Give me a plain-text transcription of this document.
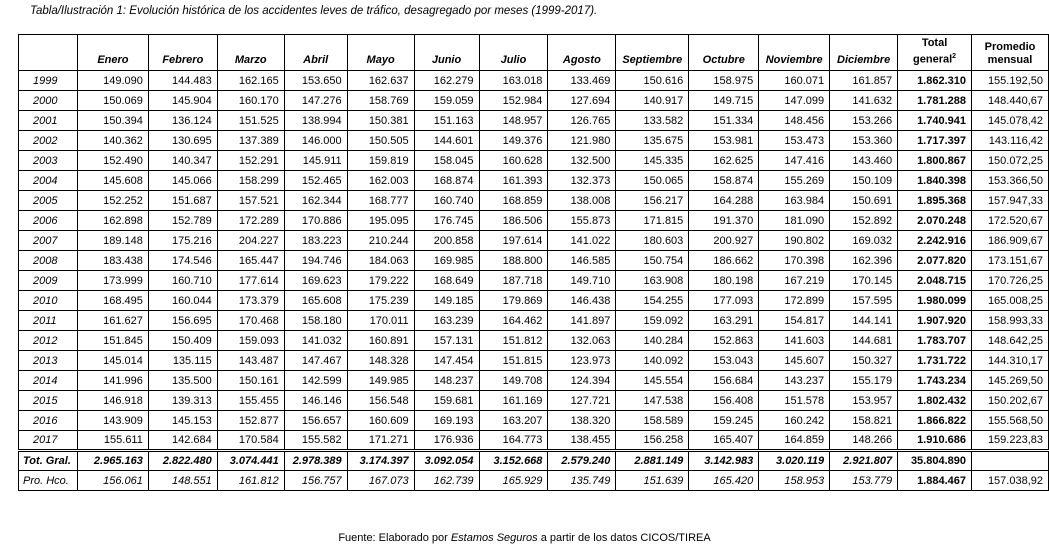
Tabla/Ilustración 1: Evolución histórica de los accidentes leves de tráfico, desagregado por meses (1999-2017).
	Enero	Febrero	Marzo	Abril	Mayo	Junio	Julio	Agosto	Septiembre	Octubre	Noviembre	Diciembre	Total general$^2$	Promedio mensual
1999	149.090	144.483	162.165	153.650	162.637	162.279	163.018	133.469	150.616	158.975	160.071	161.857	1.862.310	155.192,50
2000	150.069	145.904	160.170	147.276	158.769	159.059	152.984	127.694	140.917	149.715	147.099	141.632	1.781.288	148.440,67
2001	150.394	136.124	151.525	138.994	150.381	151.163	148.957	126.765	133.582	151.334	148.456	153.266	1.740.941	145.078,42
2002	140.362	130.695	137.389	146.000	150.505	144.601	149.376	121.980	135.675	153.981	153.473	153.360	1.717.397	143.116,42
2003	152.490	140.347	152.291	145.911	159.819	158.045	160.628	132.500	145.335	162.625	147.416	143.460	1.800.867	150.072,25
2004	145.608	145.066	158.299	152.465	162.003	168.874	161.393	132.373	150.065	158.874	155.269	150.109	1.840.398	153.366,50
2005	152.252	151.687	157.521	162.344	168.777	160.740	168.859	138.008	156.217	164.288	163.984	150.691	1.895.368	157.947,33
2006	162.898	152.789	172.289	170.886	195.095	176.745	186.506	155.873	171.815	191.370	181.090	152.892	2.070.248	172.520,67
2007	189.148	175.216	204.227	183.223	210.244	200.858	197.614	141.022	180.603	200.927	190.802	169.032	2.242.916	186.909,67
2008	183.438	174.546	165.447	194.746	184.063	169.985	188.800	146.585	150.754	186.662	170.398	162.396	2.077.820	173.151,67
2009	173.999	160.710	177.614	169.623	179.222	168.649	187.718	149.710	163.908	180.198	167.219	170.145	2.048.715	170.726,25
2010	168.495	160.044	173.379	165.608	175.239	149.185	179.869	146.438	154.255	177.093	172.899	157.595	1.980.099	165.008,25
2011	161.627	156.695	170.468	158.180	170.011	163.239	164.462	141.897	159.092	163.291	154.817	144.141	1.907.920	158.993,33
2012	151.845	150.409	159.093	141.032	160.891	157.131	151.812	132.063	140.284	152.863	141.603	144.681	1.783.707	148.642,25
2013	145.014	135.115	143.487	147.467	148.328	147.454	151.815	123.973	140.092	153.043	145.607	150.327	1.731.722	144.310,17
2014	141.996	135.500	150.161	142.599	149.985	148.237	149.708	124.394	145.554	156.684	143.237	155.179	1.743.234	145.269,50
2015	146.918	139.313	155.455	146.146	156.548	159.681	161.169	127.721	147.538	156.408	151.578	153.957	1.802.432	150.202,67
2016	143.909	145.153	152.877	156.657	160.609	169.193	163.207	138.320	158.589	159.245	160.242	158.821	1.866.822	155.568,50
2017	155.611	142.684	170.584	155.582	171.271	176.936	164.773	138.455	156.258	165.407	164.859	148.266	1.910.686	159.223,83
Tot. Gral.	2.965.163	2.822.480	3.074.441	2.978.389	3.174.397	3.092.054	3.152.668	2.579.240	2.881.149	3.142.983	3.020.119	2.921.807	35.804.890	
Pro. Hco.	156.061	148.551	161.812	156.757	167.073	162.739	165.929	135.749	151.639	165.420	158.953	153.779	1.884.467	157.038,92
Fuente: Elaborado por Estamos Seguros a partir de los datos CICOS/TIREA
